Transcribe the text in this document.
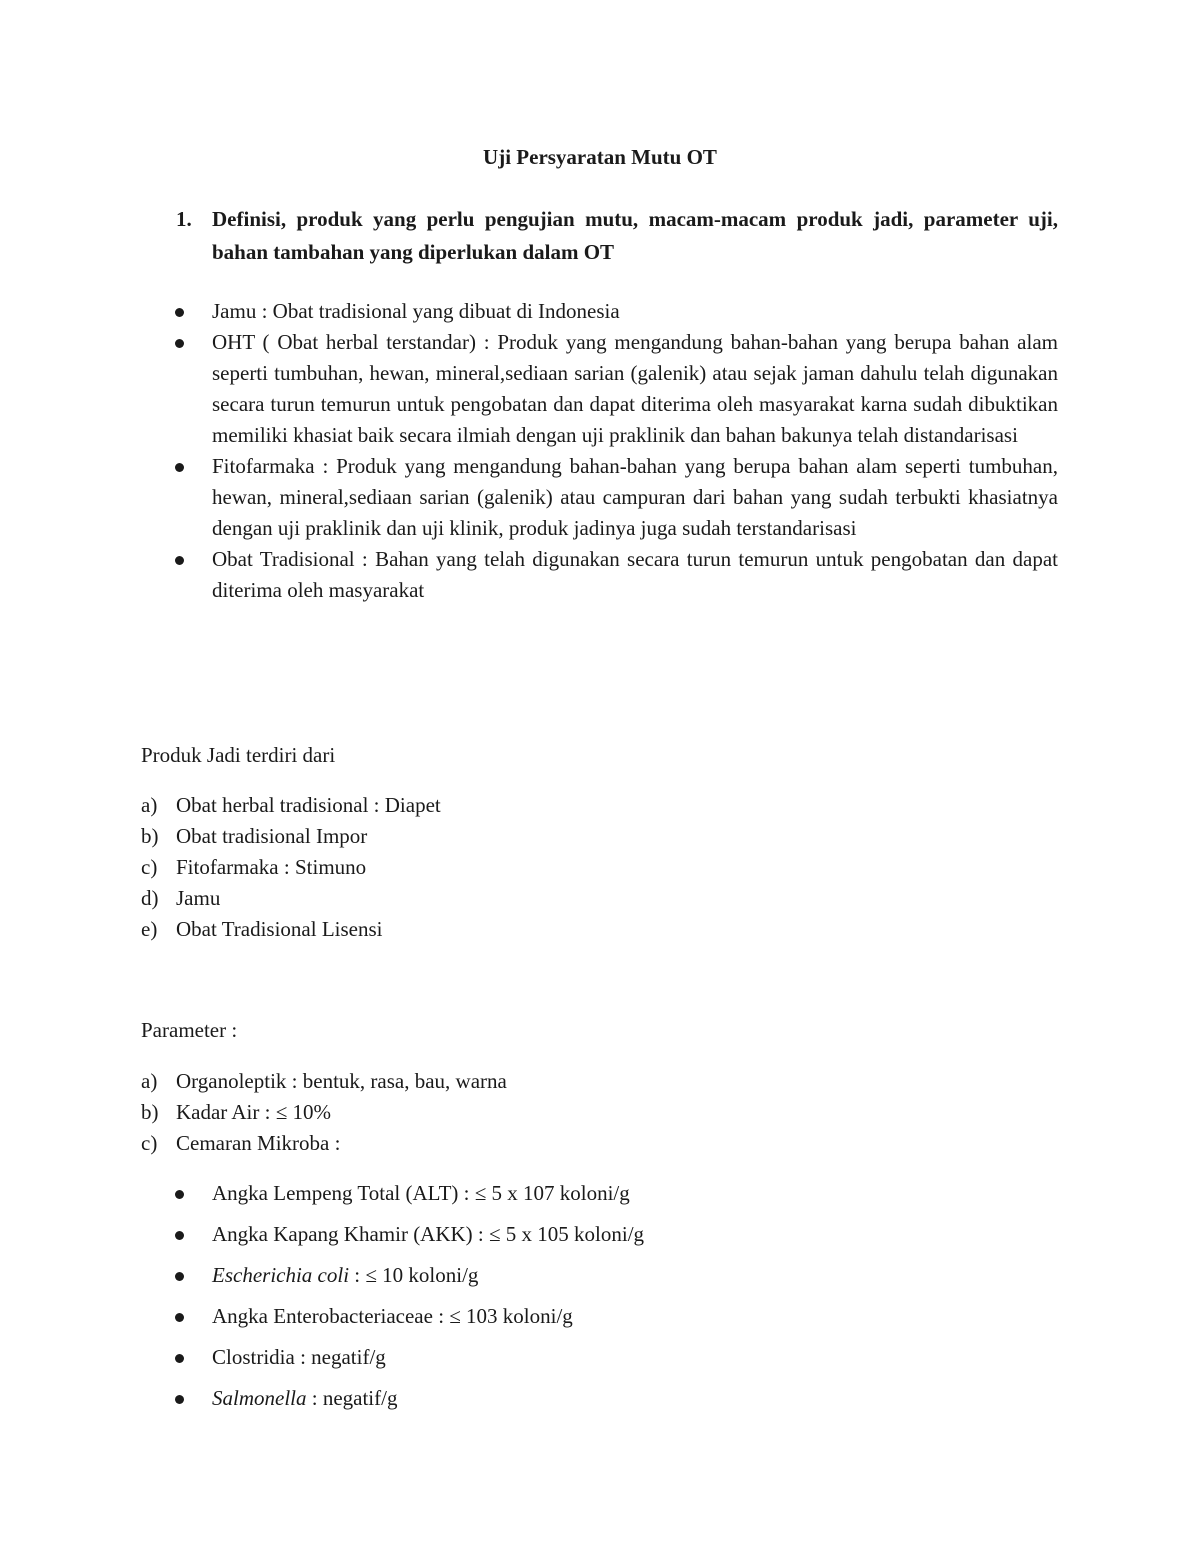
Uji Persyaratan Mutu OT
1. Definisi, produk yang perlu pengujian mutu, macam-macam produk jadi, parameter uji, bahan tambahan yang diperlukan dalam OT
Jamu : Obat tradisional yang dibuat di Indonesia
OHT ( Obat herbal terstandar) : Produk yang mengandung bahan-bahan yang berupa bahan alam seperti tumbuhan, hewan, mineral,sediaan sarian (galenik) atau sejak jaman dahulu telah digunakan secara turun temurun untuk pengobatan dan dapat diterima oleh masyarakat karna sudah dibuktikan memiliki khasiat baik secara ilmiah dengan uji praklinik dan bahan bakunya telah distandarisasi
Fitofarmaka : Produk yang mengandung bahan-bahan yang berupa bahan alam seperti tumbuhan, hewan, mineral,sediaan sarian (galenik) atau campuran dari bahan yang sudah terbukti khasiatnya dengan uji praklinik dan uji klinik, produk jadinya juga sudah terstandarisasi
Obat Tradisional : Bahan yang telah digunakan secara turun temurun untuk pengobatan dan dapat diterima oleh masyarakat
Produk Jadi terdiri dari
a) Obat herbal tradisional : Diapet
b) Obat tradisional Impor
c) Fitofarmaka : Stimuno
d) Jamu
e) Obat Tradisional Lisensi
Parameter :
a) Organoleptik : bentuk, rasa, bau, warna
b) Kadar Air : ≤ 10%
c) Cemaran Mikroba :
Angka Lempeng Total (ALT) : ≤ 5 x 107 koloni/g
Angka Kapang Khamir (AKK) : ≤ 5 x 105 koloni/g
Escherichia coli : ≤ 10 koloni/g
Angka Enterobacteriaceae : ≤ 103 koloni/g
Clostridia : negatif/g
Salmonella : negatif/g
